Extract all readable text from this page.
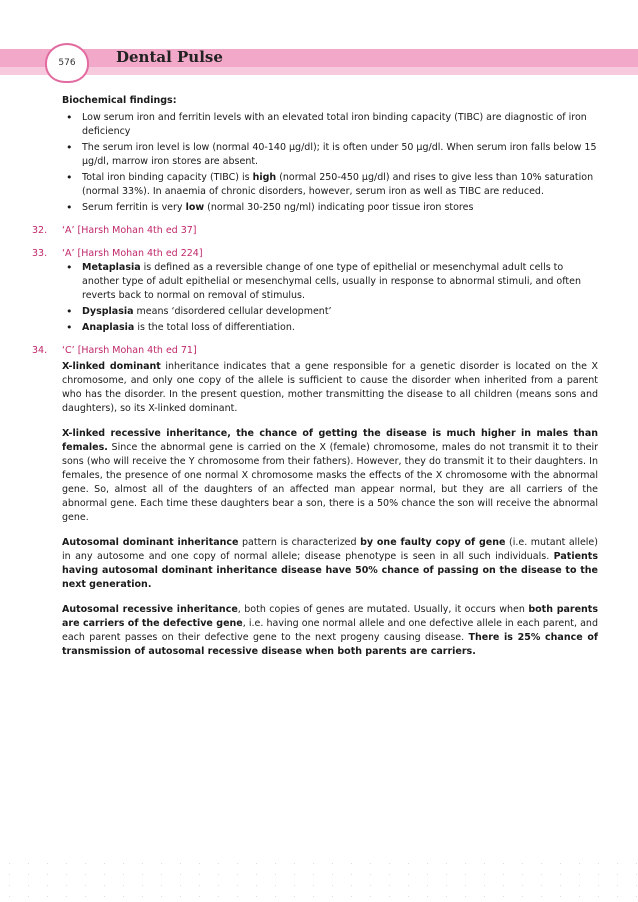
576	Dental Pulse
Biochemical findings:
• Low serum iron and ferritin levels with an elevated total iron binding capacity (TIBC) are diagnostic of iron deficiency
• The serum iron level is low (normal 40-140 μg/dl); it is often under 50 μg/dl. When serum iron falls below 15 μg/dl, marrow iron stores are absent.
• Total iron binding capacity (TIBC) is high (normal 250-450 μg/dl) and rises to give less than 10% saturation (normal 33%). In anaemia of chronic disorders, however, serum iron as well as TIBC are reduced.
• Serum ferritin is very low (normal 30-250 ng/ml) indicating poor tissue iron stores
32. ‘A’ [Harsh Mohan 4th ed 37]
33. ‘A’ [Harsh Mohan 4th ed 224]
• Metaplasia is defined as a reversible change of one type of epithelial or mesenchymal adult cells to another type of adult epithelial or mesenchymal cells, usually in response to abnormal stimuli, and often reverts back to normal on removal of stimulus.
• Dysplasia means ‘disordered cellular development’
• Anaplasia is the total loss of differentiation.
34. ‘C’ [Harsh Mohan 4th ed 71]
X-linked dominant inheritance indicates that a gene responsible for a genetic disorder is located on the X chromosome, and only one copy of the allele is sufficient to cause the disorder when inherited from a parent who has the disorder. In the present question, mother transmitting the disease to all children (means sons and daughters), so its X-linked dominant.
X-linked recessive inheritance, the chance of getting the disease is much higher in males than females. Since the abnormal gene is carried on the X (female) chromosome, males do not transmit it to their sons (who will receive the Y chromosome from their fathers). However, they do transmit it to their daughters. In females, the presence of one normal X chromosome masks the effects of the X chromosome with the abnormal gene. So, almost all of the daughters of an affected man appear normal, but they are all carriers of the abnormal gene. Each time these daughters bear a son, there is a 50% chance the son will receive the abnormal gene.
Autosomal dominant inheritance pattern is characterized by one faulty copy of gene (i.e. mutant allele) in any autosome and one copy of normal allele; disease phenotype is seen in all such individuals. Patients having autosomal dominant inheritance disease have 50% chance of passing on the disease to the next generation.
Autosomal recessive inheritance, both copies of genes are mutated. Usually, it occurs when both parents are carriers of the defective gene, i.e. having one normal allele and one defective allele in each parent, and each parent passes on their defective gene to the next progeny causing disease. There is 25% chance of transmission of autosomal recessive disease when both parents are carriers.
